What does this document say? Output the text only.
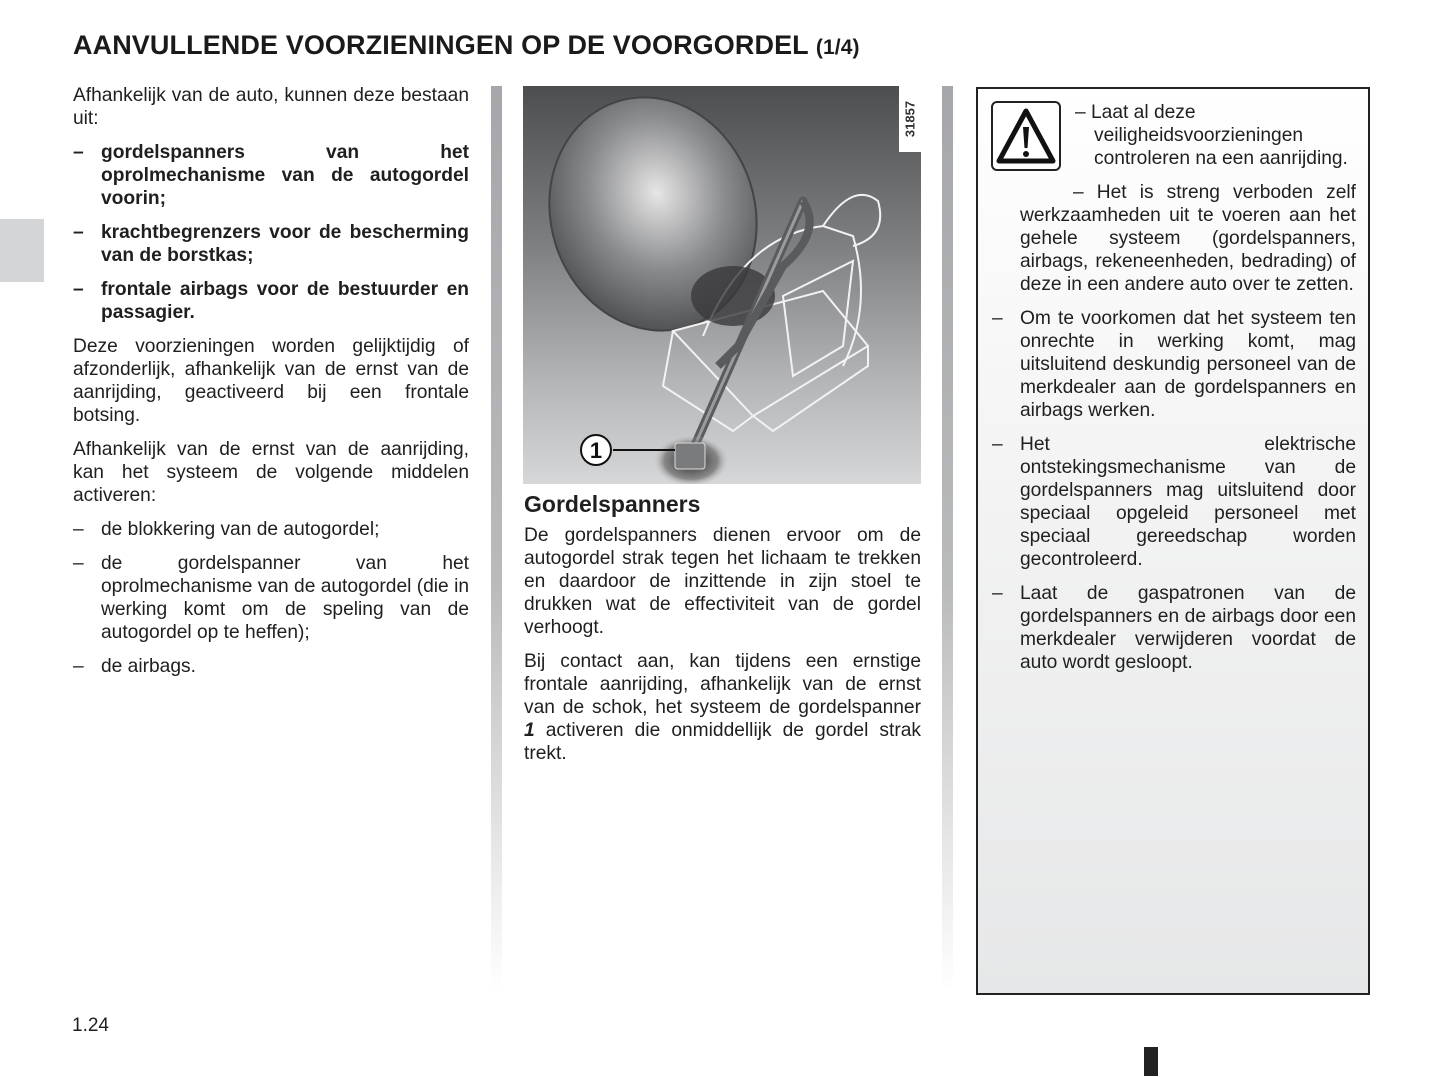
AANVULLENDE VOORZIENINGEN OP DE VOORGORDEL (1/4)

Afhankelijk van de auto, kunnen deze bestaan uit:

– gordelspanners van het oprolmechanisme van de autogordel voorin;
– krachtbegrenzers voor de bescherming van de borstkas;
– frontale airbags voor de bestuurder en passagier.

Deze voorzieningen worden gelijktijdig of afzonderlijk, afhankelijk van de ernst van de aanrijding, geactiveerd bij een frontale botsing.

Afhankelijk van de ernst van de aanrijding, kan het systeem de volgende middelen activeren:

– de blokkering van de autogordel;
– de gordelspanner van het oprolmechanisme van de autogordel (die in werking komt om de speling van de autogordel op te heffen);
– de airbags.
1
31857
Gordelspanners

De gordelspanners dienen ervoor om de autogordel strak tegen het lichaam te trekken en daardoor de inzittende in zijn stoel te drukken wat de effectiviteit van de gordel verhoogt.

Bij contact aan, kan tijdens een ernstige frontale aanrijding, afhankelijk van de ernst van de schok, het systeem de gordelspanner 1 activeren die onmiddellijk de gordel strak trekt.

– Laat al deze veiligheidsvoorzieningen controleren na een aanrijding.

– Het is streng verboden zelf werkzaamheden uit te voeren aan het gehele systeem (gordelspanners, airbags, rekeneenheden, bedrading) of deze in een andere auto over te zetten.

– Om te voorkomen dat het systeem ten onrechte in werking komt, mag uitsluitend deskundig personeel van de merkdealer aan de gordelspanners en airbags werken.
– Het elektrische ontstekingsmechanisme van de gordelspanners mag uitsluitend door speciaal opgeleid personeel met speciaal gereedschap worden gecontroleerd.
– Laat de gaspatronen van de gordelspanners en de airbags door een merkdealer verwijderen voordat de auto wordt gesloopt.
1.24
